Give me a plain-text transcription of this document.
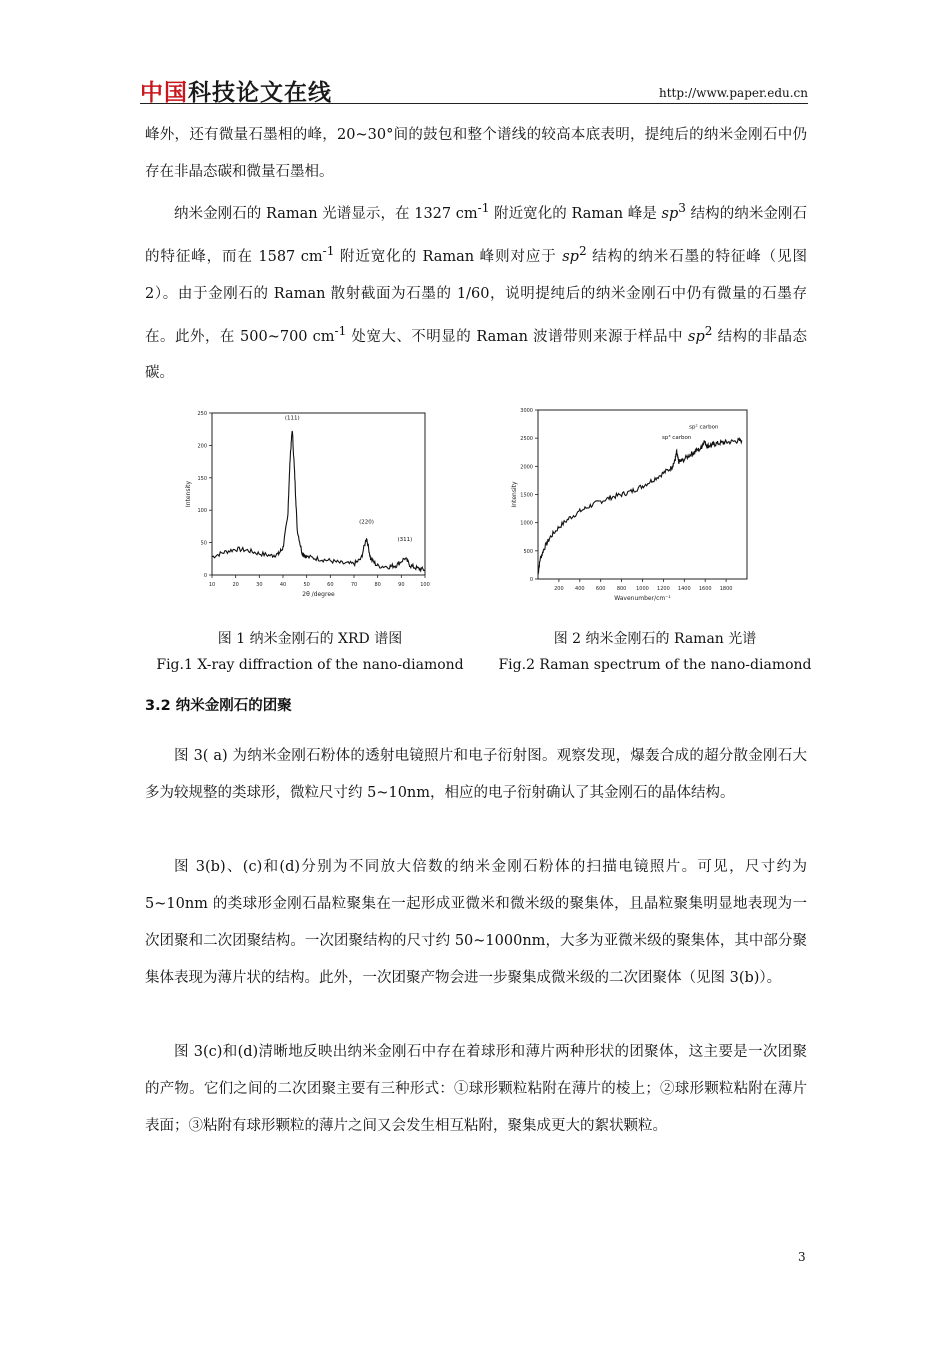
中国科技论文在线	http://www.paper.edu.cn

峰外，还有微量石墨相的峰，20~30°间的鼓包和整个谱线的较高本底表明，提纯后的纳米金刚石中仍存在非晶态碳和微量石墨相。

纳米金刚石的 Raman 光谱显示，在 1327 $cm^{-1}$ 附近宽化的 Raman 峰是 $sp^3$ 结构的纳米金刚石的特征峰，而在 1587 $cm^{-1}$ 附近宽化的 Raman 峰则对应于 $sp^2$ 结构的纳米石墨的特征峰（见图 2）。由于金刚石的 Raman 散射截面为石墨的 1/60，说明提纯后的纳米金刚石中仍有微量的石墨存在。此外，在 500~700 $cm^{-1}$ 处宽大、不明显的 Raman 波谱带则来源于样品中 $sp^2$ 结构的非晶态碳。

10	20	30	40	50	60	70	80	90	100
0
50
100
150
200
250
2θ /degree
Intensity
(111)
(220)
(311)
200 400 600 800 1000 1200 1400 1600 1800
0
500
1000
1500
2000
2500
3000
Wavenumber/cm⁻¹
Intensity
sp³ carbon
sp² carbon
图 1 纳米金刚石的 XRD 谱图
Fig.1 X-ray diffraction of the nano-diamond
图 2 纳米金刚石的 Raman 光谱
Fig.2 Raman spectrum of the nano-diamond
3.2 纳米金刚石的团聚

图 3( a) 为纳米金刚石粉体的透射电镜照片和电子衍射图。观察发现，爆轰合成的超分散金刚石大多为较规整的类球形，微粒尺寸约 5~10nm，相应的电子衍射确认了其金刚石的晶体结构。

图 3(b)、(c)和(d)分别为不同放大倍数的纳米金刚石粉体的扫描电镜照片。可见，尺寸约为 5~10nm 的类球形金刚石晶粒聚集在一起形成亚微米和微米级的聚集体，且晶粒聚集明显地表现为一次团聚和二次团聚结构。一次团聚结构的尺寸约 50~1000nm，大多为亚微米级的聚集体，其中部分聚集体表现为薄片状的结构。此外，一次团聚产物会进一步聚集成微米级的二次团聚体（见图 3(b)）。

图 3(c)和(d)清晰地反映出纳米金刚石中存在着球形和薄片两种形状的团聚体，这主要是一次团聚的产物。它们之间的二次团聚主要有三种形式：①球形颗粒粘附在薄片的棱上；②球形颗粒粘附在薄片表面；③粘附有球形颗粒的薄片之间又会发生相互粘附，聚集成更大的絮状颗粒。

3
